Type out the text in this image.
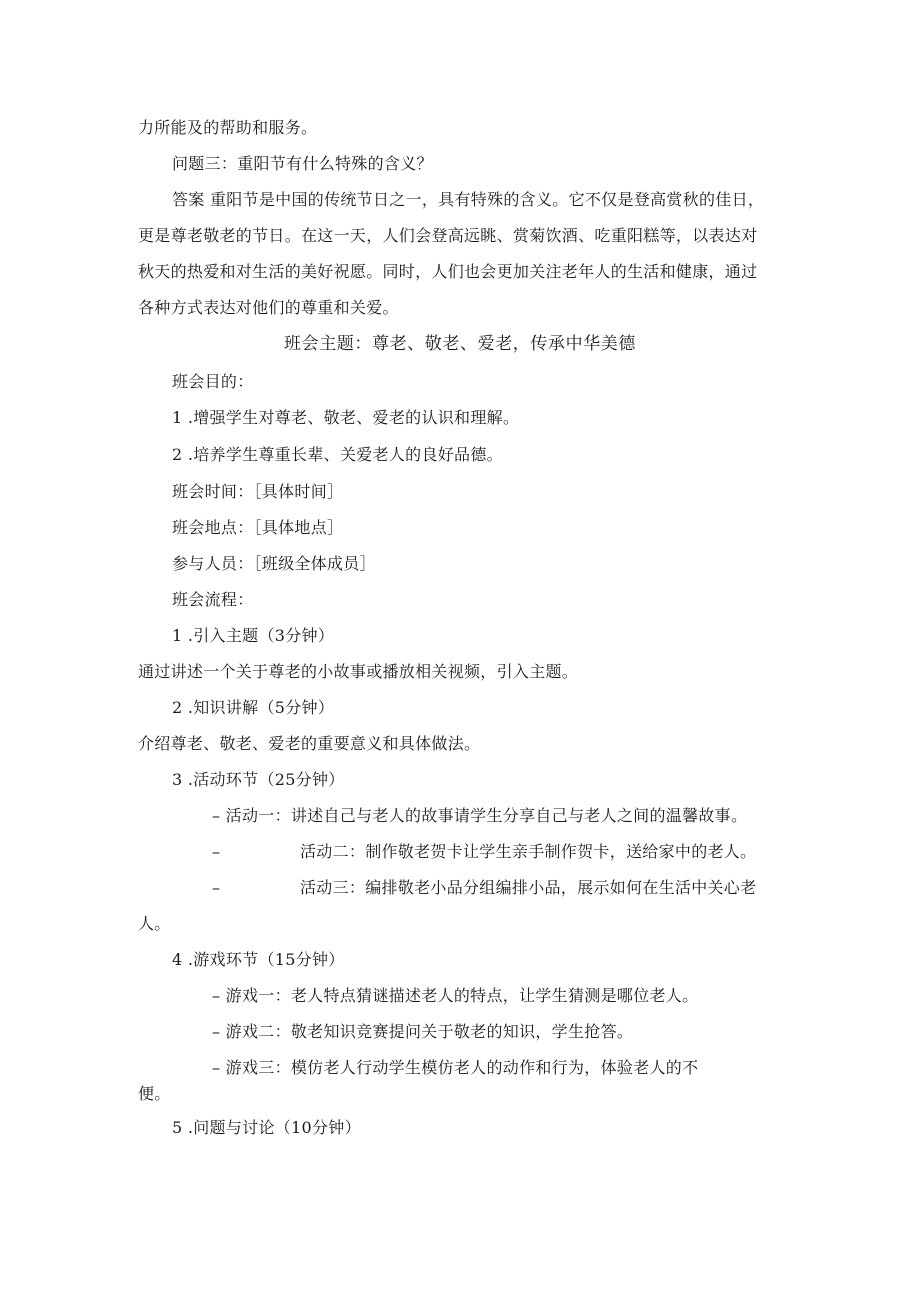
力所能及的帮助和服务。
问题三：重阳节有什么特殊的含义？
答案 重阳节是中国的传统节日之一，具有特殊的含义。它不仅是登高赏秋的佳日，
更是尊老敬老的节日。在这一天，人们会登高远眺、赏菊饮酒、吃重阳糕等，以表达对
秋天的热爱和对生活的美好祝愿。同时，人们也会更加关注老年人的生活和健康，通过
各种方式表达对他们的尊重和关爱。
班会主题：尊老、敬老、爱老，传承中华美德
班会目的：
1 .增强学生对尊老、敬老、爱老的认识和理解。
2 .培养学生尊重长辈、关爱老人的良好品德。
班会时间：［具体时间］
班会地点：［具体地点］
参与人员：［班级全体成员］
班会流程：
1 .引入主题（3分钟）
通过讲述一个关于尊老的小故事或播放相关视频，引入主题。
2 .知识讲解（5分钟）
介绍尊老、敬老、爱老的重要意义和具体做法。
3 .活动环节（25分钟）
– 活动一：讲述自己与老人的故事请学生分享自己与老人之间的温馨故事。
–	活动二：制作敬老贺卡让学生亲手制作贺卡，送给家中的老人。
–	活动三：编排敬老小品分组编排小品，展示如何在生活中关心老
人。
4 .游戏环节（15分钟）
– 游戏一：老人特点猜谜描述老人的特点，让学生猜测是哪位老人。
– 游戏二：敬老知识竞赛提问关于敬老的知识，学生抢答。
– 游戏三：模仿老人行动学生模仿老人的动作和行为，体验老人的不
便。
5 .问题与讨论（10分钟）
